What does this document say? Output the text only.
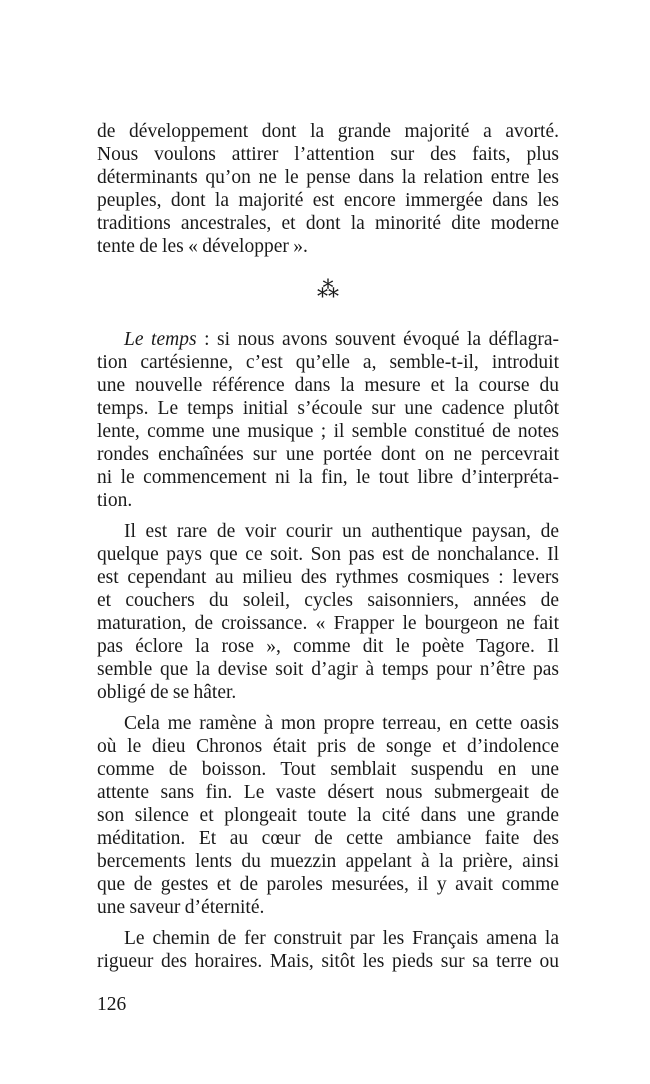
de développement dont la grande majorité a avorté.
Nous voulons attirer l’attention sur des faits, plus
déterminants qu’on ne le pense dans la relation entre les
peuples, dont la majorité est encore immergée dans les
traditions ancestrales, et dont la minorité dite moderne
tente de les « développer ».
⁂
Le temps : si nous avons souvent évoqué la déflagra-
tion cartésienne, c’est qu’elle a, semble-t-il, introduit
une nouvelle référence dans la mesure et la course du
temps. Le temps initial s’écoule sur une cadence plutôt
lente, comme une musique ; il semble constitué de notes
rondes enchaînées sur une portée dont on ne percevrait
ni le commencement ni la fin, le tout libre d’interpréta-
tion.
Il est rare de voir courir un authentique paysan, de
quelque pays que ce soit. Son pas est de nonchalance. Il
est cependant au milieu des rythmes cosmiques : levers
et couchers du soleil, cycles saisonniers, années de
maturation, de croissance. « Frapper le bourgeon ne fait
pas éclore la rose », comme dit le poète Tagore. Il
semble que la devise soit d’agir à temps pour n’être pas
obligé de se hâter.
Cela me ramène à mon propre terreau, en cette oasis
où le dieu Chronos était pris de songe et d’indolence
comme de boisson. Tout semblait suspendu en une
attente sans fin. Le vaste désert nous submergeait de
son silence et plongeait toute la cité dans une grande
méditation. Et au cœur de cette ambiance faite des
bercements lents du muezzin appelant à la prière, ainsi
que de gestes et de paroles mesurées, il y avait comme
une saveur d’éternité.
Le chemin de fer construit par les Français amena la
rigueur des horaires. Mais, sitôt les pieds sur sa terre ou
126
